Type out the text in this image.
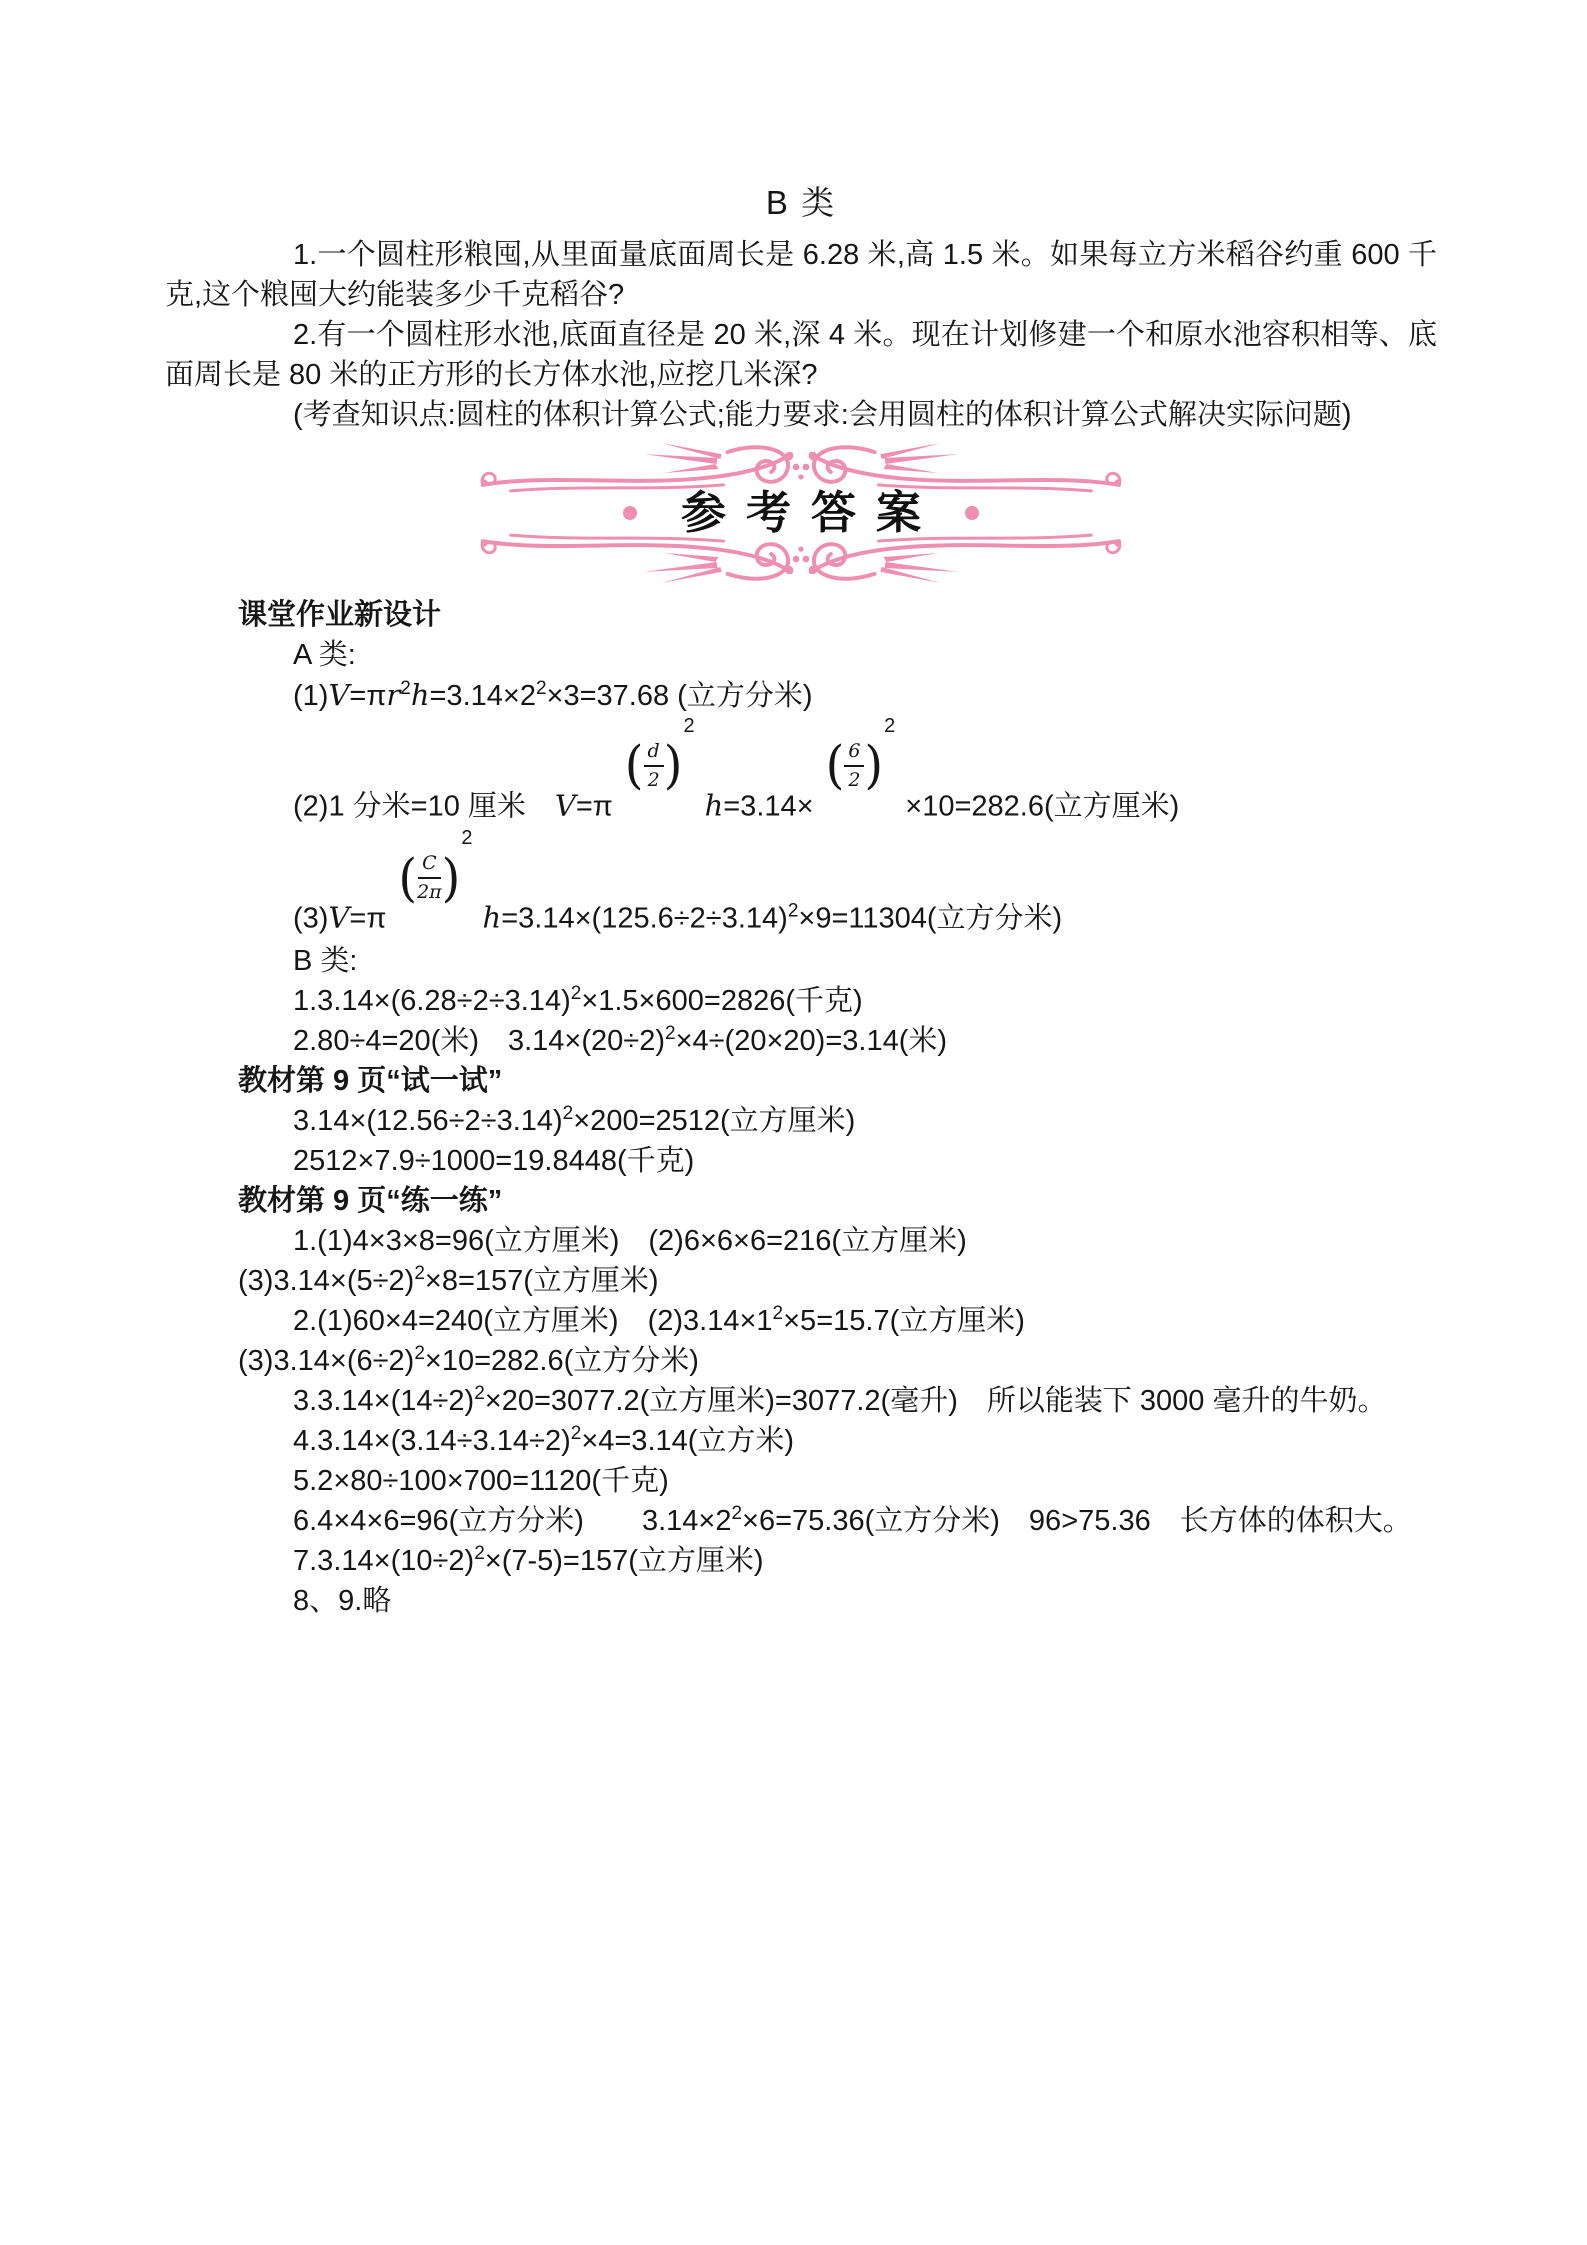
B 类

1.一个圆柱形粮囤,从里面量底面周长是 6.28 米,高 1.5 米。如果每立方米稻谷约重 600 千克,这个粮囤大约能装多少千克稻谷?

2.有一个圆柱形水池,底面直径是 20 米,深 4 米。现在计划修建一个和原水池容积相等、底面周长是 80 米的正方形的长方体水池,应挖几米深?

(考查知识点:圆柱的体积计算公式;能力要求:会用圆柱的体积计算公式解决实际问题)

参考答案
课堂作业新设计
A 类:
$(1)V=\pi r^2h=3.14\times 2^2\times 3=37.68$ (立方分米)
(2)1 分米=10 厘米　V=π
( d
2 )
2
h=3.14×
( 6
2 )
2
×10=282.6(立方厘米)
(3)V=π
( C
2π )
2
$h=3.14\times(125.6\div 2\div 3.14)^2\times 9=11304$(立方分米)
B 类:
$1.3.14\times(6.28\div 2\div 3.14)^2\times 1.5\times 600=2826$(千克)
2.80÷4=20(米)　$3.14\times(20\div 2)^2\times 4\div(20\times 20)=3.14$(米)
教材第 9 页“试一试”
$3.14\times(12.56\div 2\div 3.14)^2\times 200=2512$(立方厘米)
2512×7.9÷1000=19.8448(千克)
教材第 9 页“练一练”
1.(1)4×3×8=96(立方厘米)　(2)6×6×6=216(立方厘米)
$(3)3.14\times(5\div 2)^2\times 8=157$(立方厘米)
2.(1)60×4=240(立方厘米)　$(2)3.14\times 1^2\times 5=15.7$(立方厘米)
$(3)3.14\times(6\div 2)^2\times 10=282.6$(立方分米)
$3.3.14\times(14\div 2)^2\times 20=3077.2$(立方厘米)=3077.2(毫升)　所以能装下 3000 毫升的牛奶。
$4.3.14\times(3.14\div 3.14\div 2)^2\times 4=3.14$(立方米)
5.2×80÷100×700=1120(千克)
6.4×4×6=96(立方分米)　　$3.14\times 2^2\times 6=75.36$(立方分米)　96>75.36　长方体的体积大。
$7.3.14\times(10\div 2)^2\times(7-5)=157$(立方厘米)
8、9.略
